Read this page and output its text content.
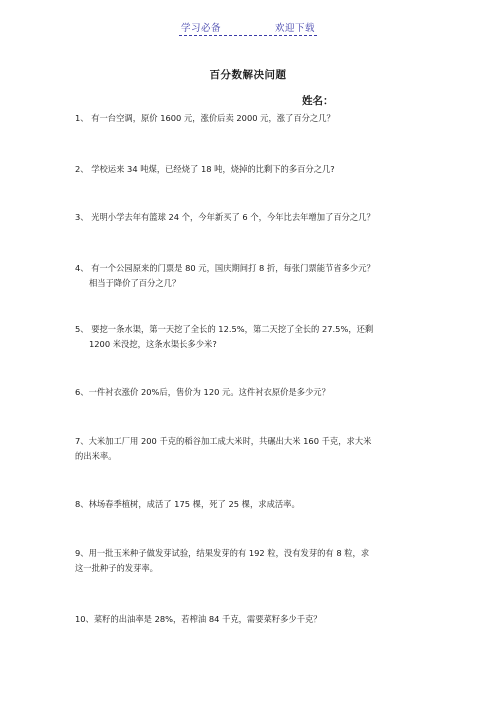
学习必备	欢迎下载
百分数解决问题
姓名：
1、 有一台空调，原价 1600 元，涨价后卖 2000 元，涨了百分之几？
2、 学校运来 34 吨煤，已经烧了 18 吨，烧掉的比剩下的多百分之几?
3、 光明小学去年有篮球 24 个，今年新买了 6 个，今年比去年增加了百分之几？
4、 有一个公园原来的门票是 80 元，国庆期间打 8 折，每张门票能节省多少元？
相当于降价了百分之几？
5、 要挖一条水渠，第一天挖了全长的 12.5%，第二天挖了全长的 27.5%，还剩
1200 米没挖，这条水渠长多少米?
6、一件衬衣涨价 20%后，售价为 120 元。这件衬衣原价是多少元？
7、大米加工厂用 200 千克的稻谷加工成大米时，共碾出大米 160 千克，求大米
的出米率。
8、林场春季植树，成活了 175 棵，死了 25 棵，求成活率。
9、用一批玉米种子做发芽试验，结果发芽的有 192 粒，没有发芽的有 8 粒，求
这一批种子的发芽率。
10、菜籽的出油率是 28%，若榨油 84 千克，需要菜籽多少千克？
